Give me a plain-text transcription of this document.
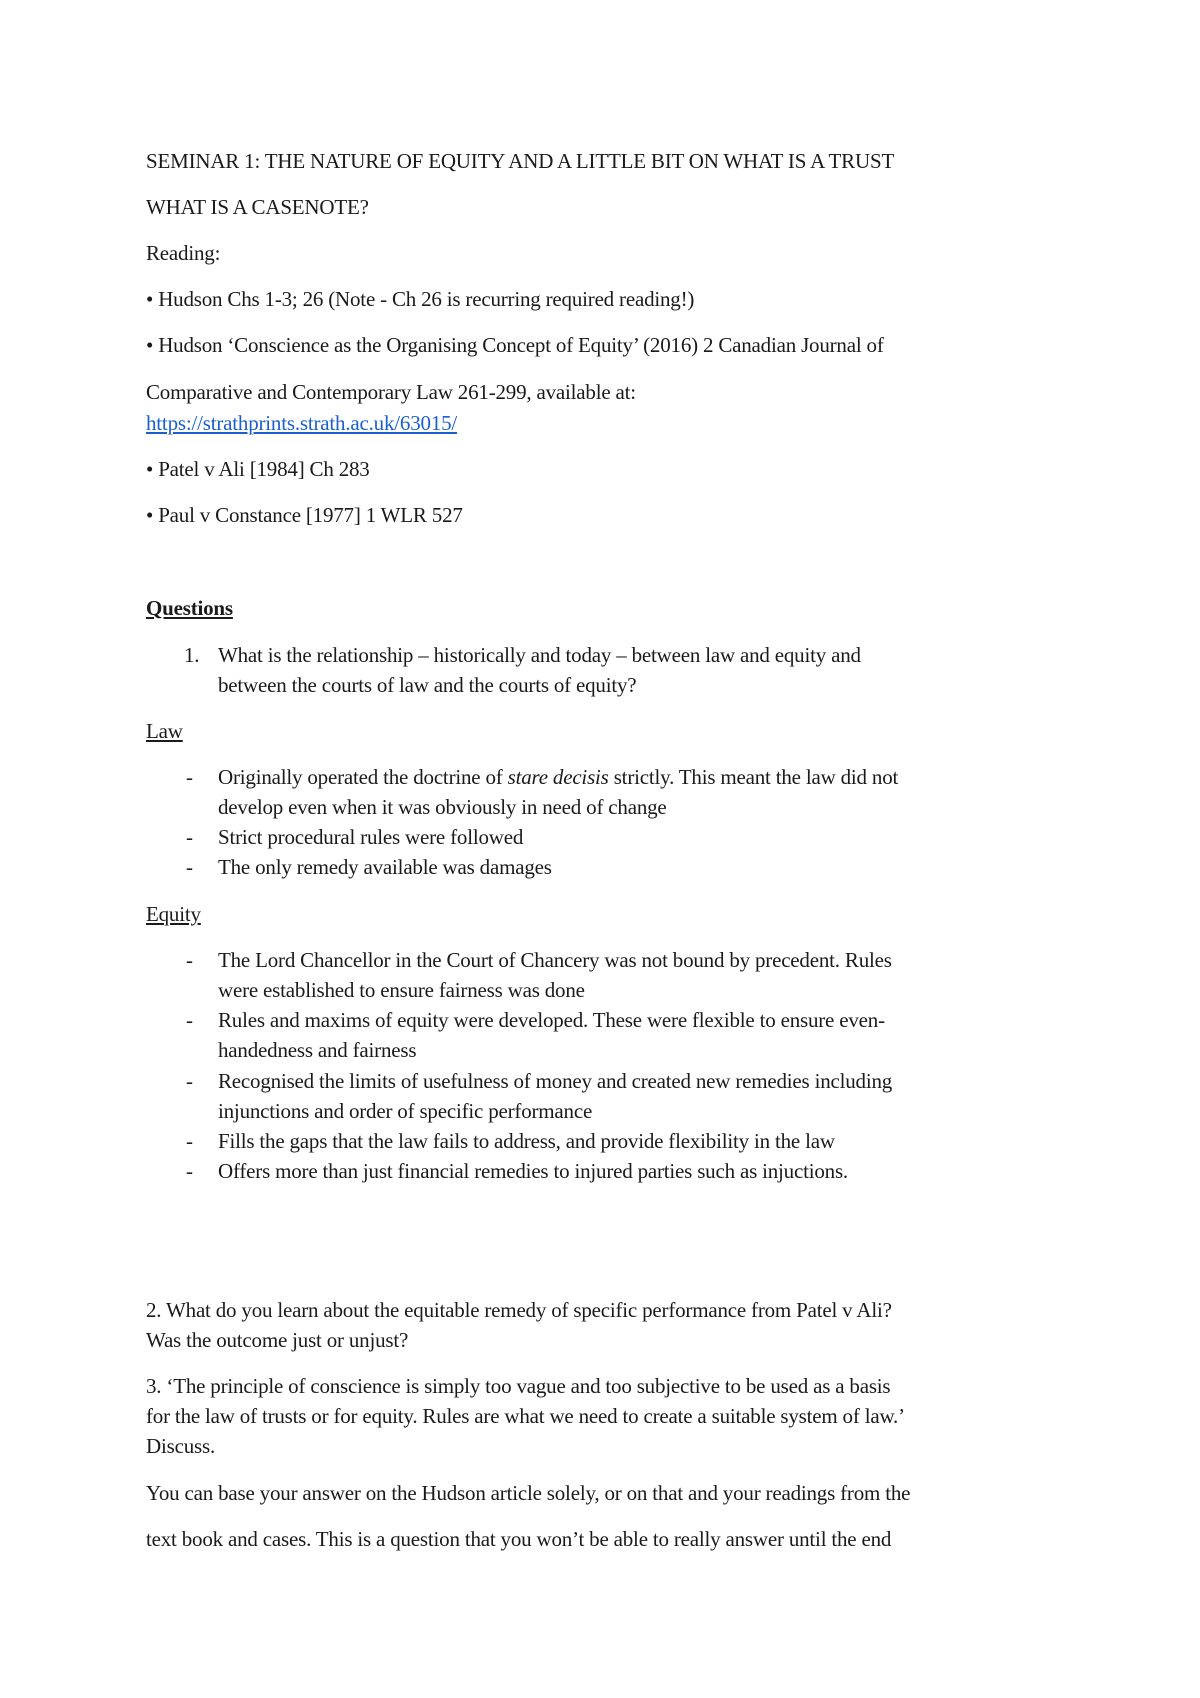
SEMINAR 1: THE NATURE OF EQUITY AND A LITTLE BIT ON WHAT IS A TRUST
WHAT IS A CASENOTE?
Reading:
• Hudson Chs 1-3; 26 (Note - Ch 26 is recurring required reading!)
• Hudson ‘Conscience as the Organising Concept of Equity’ (2016) 2 Canadian Journal of
Comparative and Contemporary Law 261-299, available at:
https://strathprints.strath.ac.uk/63015/
• Patel v Ali [1984] Ch 283
• Paul v Constance [1977] 1 WLR 527
Questions
1. What is the relationship – historically and today – between law and equity and
between the courts of law and the courts of equity?
Law
- Originally operated the doctrine of stare decisis strictly. This meant the law did not
develop even when it was obviously in need of change
- Strict procedural rules were followed
- The only remedy available was damages
Equity
- The Lord Chancellor in the Court of Chancery was not bound by precedent. Rules
were established to ensure fairness was done
- Rules and maxims of equity were developed. These were flexible to ensure even-
handedness and fairness
- Recognised the limits of usefulness of money and created new remedies including
injunctions and order of specific performance
- Fills the gaps that the law fails to address, and provide flexibility in the law
- Offers more than just financial remedies to injured parties such as injuctions.
2. What do you learn about the equitable remedy of specific performance from Patel v Ali?
Was the outcome just or unjust?
3. ‘The principle of conscience is simply too vague and too subjective to be used as a basis
for the law of trusts or for equity. Rules are what we need to create a suitable system of law.’
Discuss.
You can base your answer on the Hudson article solely, or on that and your readings from the
text book and cases. This is a question that you won’t be able to really answer until the end
